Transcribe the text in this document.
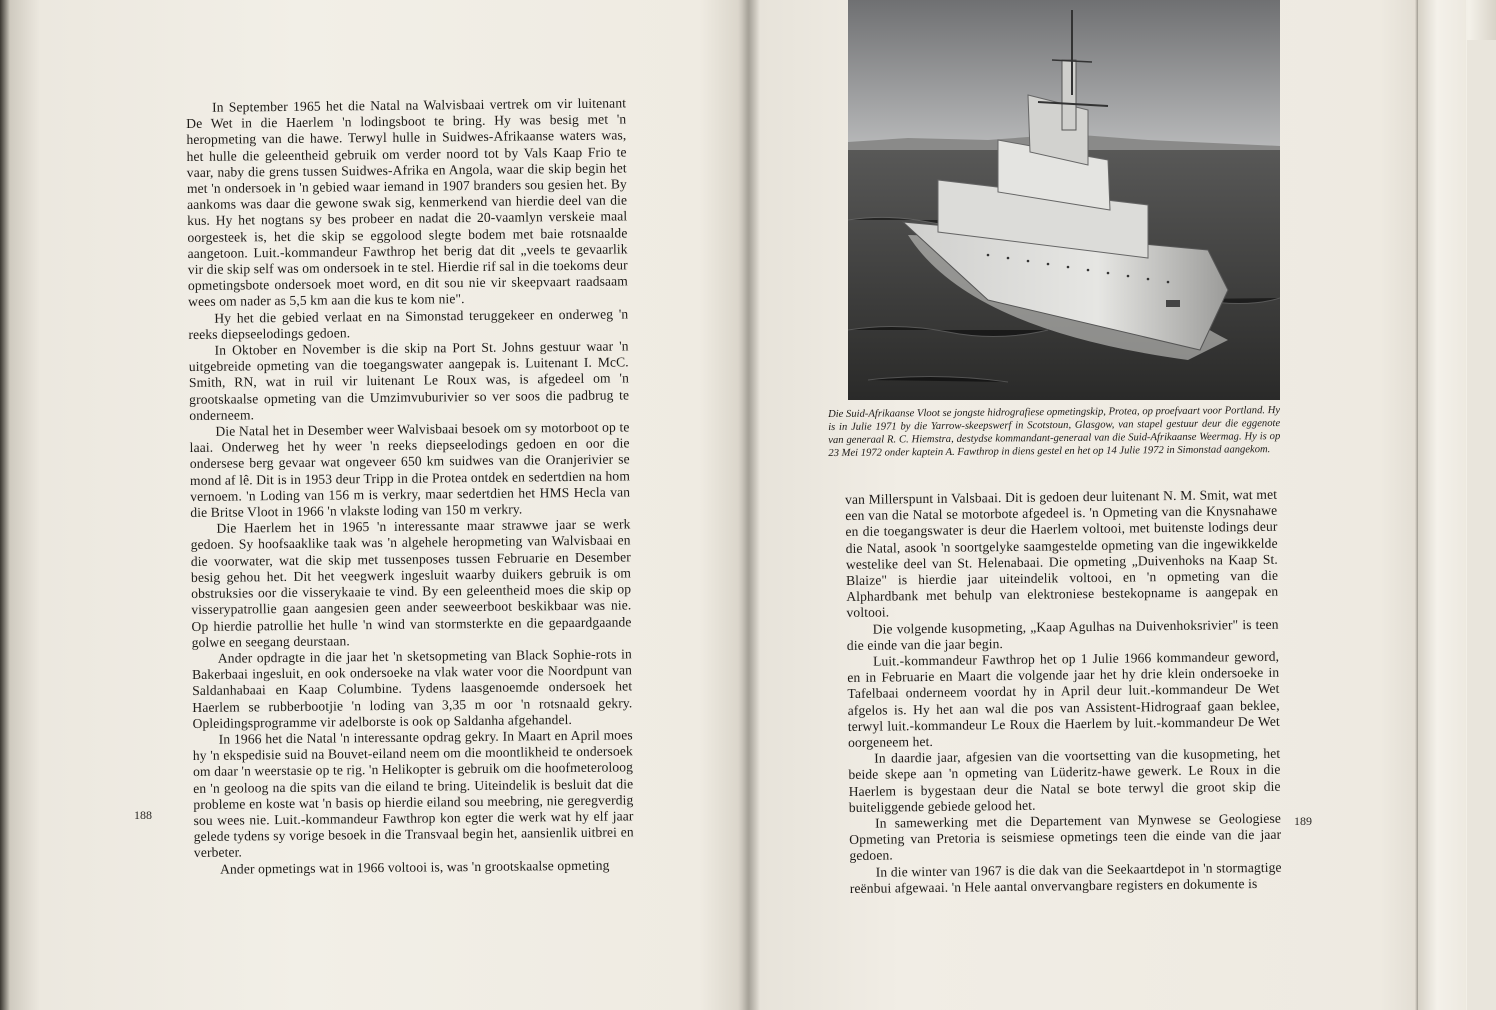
In September 1965 het die Natal na Walvisbaai vertrek om vir luitenant De Wet in die Haerlem 'n lodingsboot te bring. Hy was besig met 'n heropmeting van die hawe. Terwyl hulle in Suidwes-Afrikaanse waters was, het hulle die geleentheid gebruik om verder noord tot by Vals Kaap Frio te vaar, naby die grens tussen Suidwes-Afrika en Angola, waar die skip begin het met 'n ondersoek in 'n gebied waar iemand in 1907 branders sou gesien het. By aankoms was daar die gewone swak sig, kenmerkend van hierdie deel van die kus. Hy het nogtans sy bes probeer en nadat die 20-vaamlyn verskeie maal oorgesteek is, het die skip se eggolood slegte bodem met baie rotsnaalde aangetoon. Luit.-kommandeur Fawthrop het berig dat dit „veels te gevaarlik vir die skip self was om ondersoek in te stel. Hierdie rif sal in die toekoms deur opmetingsbote ondersoek moet word, en dit sou nie vir skeepvaart raadsaam wees om nader as 5,5 km aan die kus te kom nie".

Hy het die gebied verlaat en na Simonstad teruggekeer en onderweg 'n reeks diepseelodings gedoen.

In Oktober en November is die skip na Port St. Johns gestuur waar 'n uitgebreide opmeting van die toegangswater aangepak is. Luitenant I. McC. Smith, RN, wat in ruil vir luitenant Le Roux was, is afgedeel om 'n grootskaalse opmeting van die Umzimvuburivier so ver soos die padbrug te onderneem.

Die Natal het in Desember weer Walvisbaai besoek om sy motorboot op te laai. Onderweg het hy weer 'n reeks diepseelodings gedoen en oor die ondersese berg gevaar wat ongeveer 650 km suidwes van die Oranjerivier se mond af lê. Dit is in 1953 deur Tripp in die Protea ontdek en sedertdien na hom vernoem. 'n Loding van 156 m is verkry, maar sedertdien het HMS Hecla van die Britse Vloot in 1966 'n vlakste loding van 150 m verkry.

Die Haerlem het in 1965 'n interessante maar strawwe jaar se werk gedoen. Sy hoofsaaklike taak was 'n algehele heropmeting van Walvisbaai en die voorwater, wat die skip met tussenposes tussen Februarie en Desember besig gehou het. Dit het veegwerk ingesluit waarby duikers gebruik is om obstruksies oor die visserykaaie te vind. By een geleentheid moes die skip op visserypatrollie gaan aangesien geen ander seeweerboot beskikbaar was nie. Op hierdie patrollie het hulle 'n wind van stormsterkte en die gepaardgaande golwe en seegang deurstaan.

Ander opdragte in die jaar het 'n sketsopmeting van Black Sophie-rots in Bakerbaai ingesluit, en ook ondersoeke na vlak water voor die Noordpunt van Saldanhabaai en Kaap Columbine. Tydens laasgenoemde ondersoek het Haerlem se rubberbootjie 'n loding van 3,35 m oor 'n rotsnaald gekry. Opleidingsprogramme vir adelborste is ook op Saldanha afgehandel.

In 1966 het die Natal 'n interessante opdrag gekry. In Maart en April moes hy 'n ekspedisie suid na Bouvet-eiland neem om die moontlikheid te ondersoek om daar 'n weerstasie op te rig. 'n Helikopter is gebruik om die hoofmeteroloog en 'n geoloog na die spits van die eiland te bring. Uiteindelik is besluit dat die probleme en koste wat 'n basis op hierdie eiland sou meebring, nie geregverdig sou wees nie. Luit.-kommandeur Fawthrop kon egter die werk wat hy elf jaar gelede tydens sy vorige besoek in die Transvaal begin het, aansienlik uitbrei en verbeter.

Ander opmetings wat in 1966 voltooi is, was 'n grootskaalse opmeting

188
Die Suid-Afrikaanse Vloot se jongste hidrografiese opmetingskip, Protea, op proefvaart voor Portland. Hy is in Julie 1971 by die Yarrow-skeepswerf in Scotstoun, Glasgow, van stapel gestuur deur die eggenote van generaal R. C. Hiemstra, destydse kommandant-generaal van die Suid-Afrikaanse Weermag. Hy is op 23 Mei 1972 onder kaptein A. Fawthrop in diens gestel en het op 14 Julie 1972 in Simonstad aangekom.

van Millerspunt in Valsbaai. Dit is gedoen deur luitenant N. M. Smit, wat met een van die Natal se motorbote afgedeel is. 'n Opmeting van die Knysnahawe en die toegangswater is deur die Haerlem voltooi, met buitenste lodings deur die Natal, asook 'n soortgelyke saamgestelde opmeting van die ingewikkelde westelike deel van St. Helenabaai. Die opmeting „Duivenhoks na Kaap St. Blaize" is hierdie jaar uiteindelik voltooi, en 'n opmeting van die Alphardbank met behulp van elektroniese bestekopname is aangepak en voltooi.

Die volgende kusopmeting, „Kaap Agulhas na Duivenhoksrivier" is teen die einde van die jaar begin.

Luit.-kommandeur Fawthrop het op 1 Julie 1966 kommandeur geword, en in Februarie en Maart die volgende jaar het hy drie klein ondersoeke in Tafelbaai onderneem voordat hy in April deur luit.-kommandeur De Wet afgelos is. Hy het aan wal die pos van Assistent-Hidrograaf gaan beklee, terwyl luit.-kommandeur Le Roux die Haerlem by luit.-kommandeur De Wet oorgeneem het.

In daardie jaar, afgesien van die voortsetting van die kusopmeting, het beide skepe aan 'n opmeting van Lüderitz-hawe gewerk. Le Roux in die Haerlem is bygestaan deur die Natal se bote terwyl die groot skip die buiteliggende gebiede gelood het.

In samewerking met die Departement van Mynwese se Geologiese Opmeting van Pretoria is seismiese opmetings teen die einde van die jaar gedoen.

In die winter van 1967 is die dak van die Seekaartdepot in 'n stormagtige reënbui afgewaai. 'n Hele aantal onvervangbare registers en dokumente is

189
